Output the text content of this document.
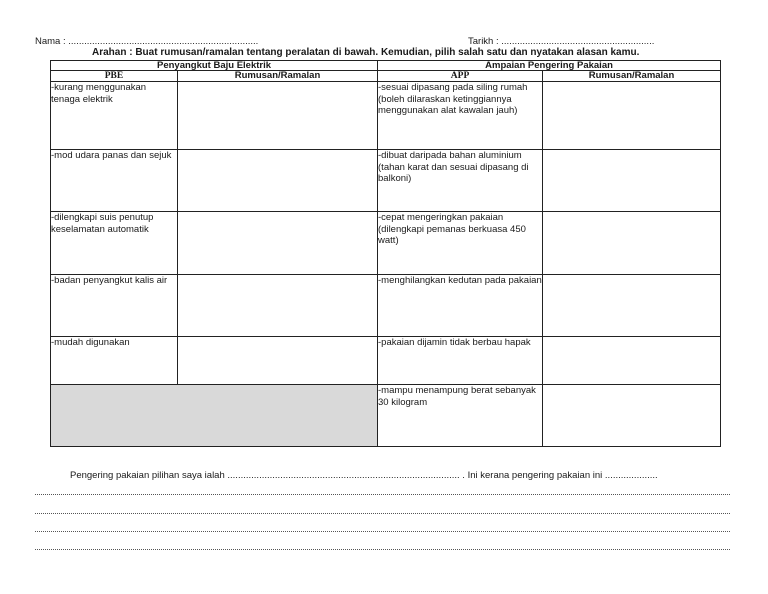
Nama : ........................................................................	Tarikh : ..........................................................
Arahan : Buat rumusan/ramalan tentang peralatan di bawah. Kemudian, pilih salah satu dan nyatakan alasan kamu.
Penyangkut Baju Elektrik		Ampaian Pengering Pakaian	
PBE	Rumusan/Ramalan	APP	Rumusan/Ramalan
-kurang menggunakan tenaga elektrik		-sesuai dipasang pada siling rumah (boleh dilaraskan ketinggiannya menggunakan alat kawalan jauh)	
-mod udara panas dan sejuk		-dibuat daripada bahan aluminium (tahan karat dan sesuai dipasang di balkoni)	
-dilengkapi suis penutup keselamatan automatik		-cepat mengeringkan pakaian (dilengkapi pemanas berkuasa 450 watt)	
-badan penyangkut kalis air		-menghilangkan kedutan pada pakaian	
-mudah digunakan		-pakaian dijamin tidak berbau hapak	
		-mampu menampung berat sebanyak 30 kilogram	
Pengering pakaian pilihan saya ialah ........................................................................................ . Ini kerana pengering pakaian ini ....................
